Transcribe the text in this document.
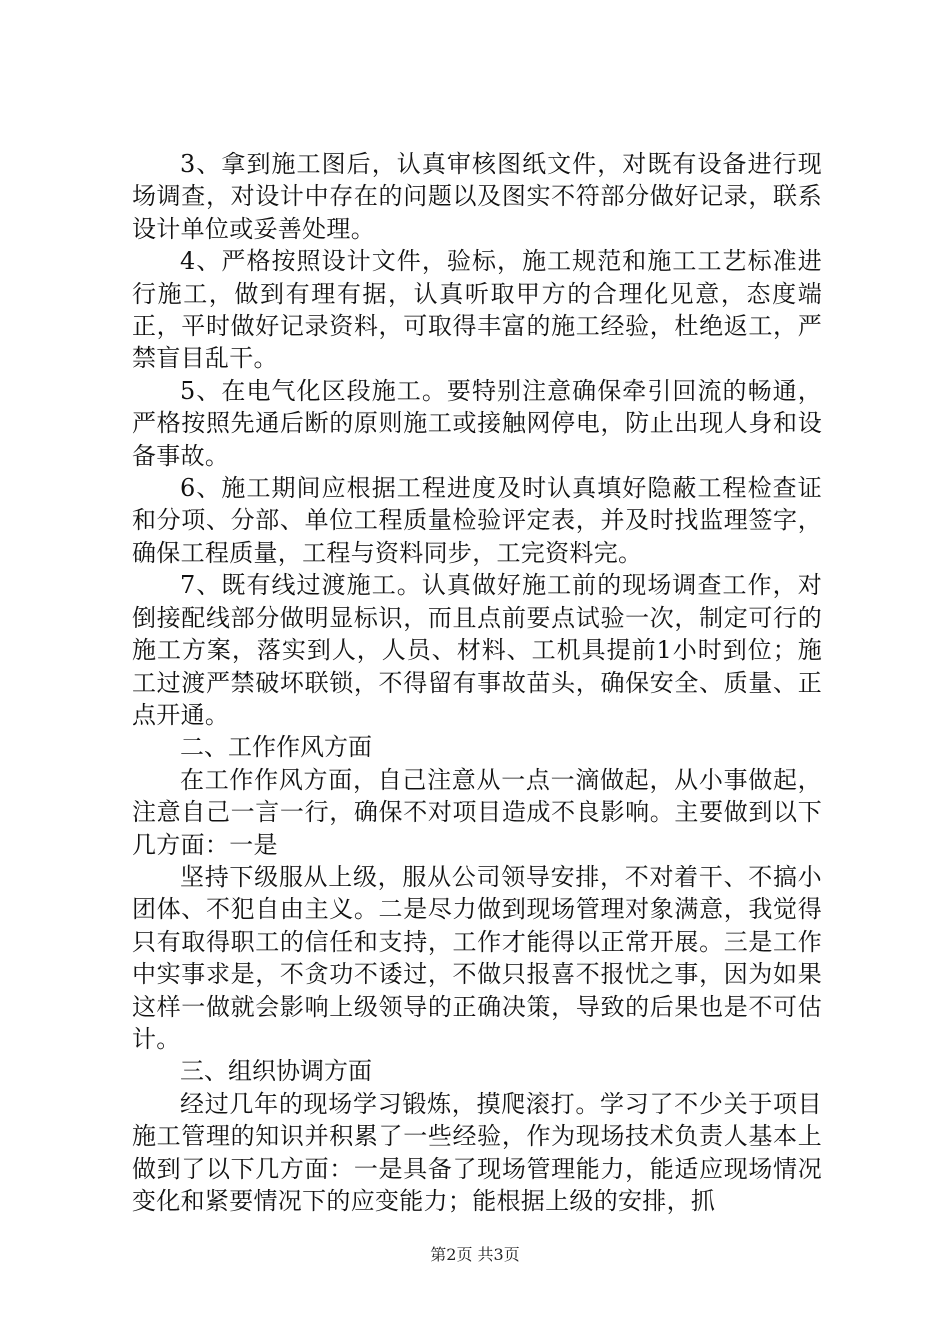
3、拿到施工图后，认真审核图纸文件，对既有设备进行现场调查，对设计中存在的问题以及图实不符部分做好记录，联系设计单位或妥善处理。

4、严格按照设计文件，验标，施工规范和施工工艺标准进行施工，做到有理有据，认真听取甲方的合理化见意，态度端正，平时做好记录资料，可取得丰富的施工经验，杜绝返工，严禁盲目乱干。

5、在电气化区段施工。要特别注意确保牵引回流的畅通，严格按照先通后断的原则施工或接触网停电，防止出现人身和设备事故。

6、施工期间应根据工程进度及时认真填好隐蔽工程检查证和分项、分部、单位工程质量检验评定表，并及时找监理签字，确保工程质量，工程与资料同步，工完资料完。

7、既有线过渡施工。认真做好施工前的现场调查工作，对倒接配线部分做明显标识，而且点前要点试验一次，制定可行的施工方案，落实到人，人员、材料、工机具提前1小时到位；施工过渡严禁破坏联锁，不得留有事故苗头，确保安全、质量、正点开通。

二、工作作风方面

在工作作风方面，自己注意从一点一滴做起，从小事做起，注意自己一言一行，确保不对项目造成不良影响。主要做到以下几方面：一是

坚持下级服从上级，服从公司领导安排，不对着干、不搞小团体、不犯自由主义。二是尽力做到现场管理对象满意，我觉得只有取得职工的信任和支持，工作才能得以正常开展。三是工作中实事求是，不贪功不诿过，不做只报喜不报忧之事，因为如果这样一做就会影响上级领导的正确决策，导致的后果也是不可估计。

三、组织协调方面

经过几年的现场学习锻炼，摸爬滚打。学习了不少关于项目施工管理的知识并积累了一些经验，作为现场技术负责人基本上做到了以下几方面：一是具备了现场管理能力，能适应现场情况变化和紧要情况下的应变能力；能根据上级的安排，抓

第2页 共3页
